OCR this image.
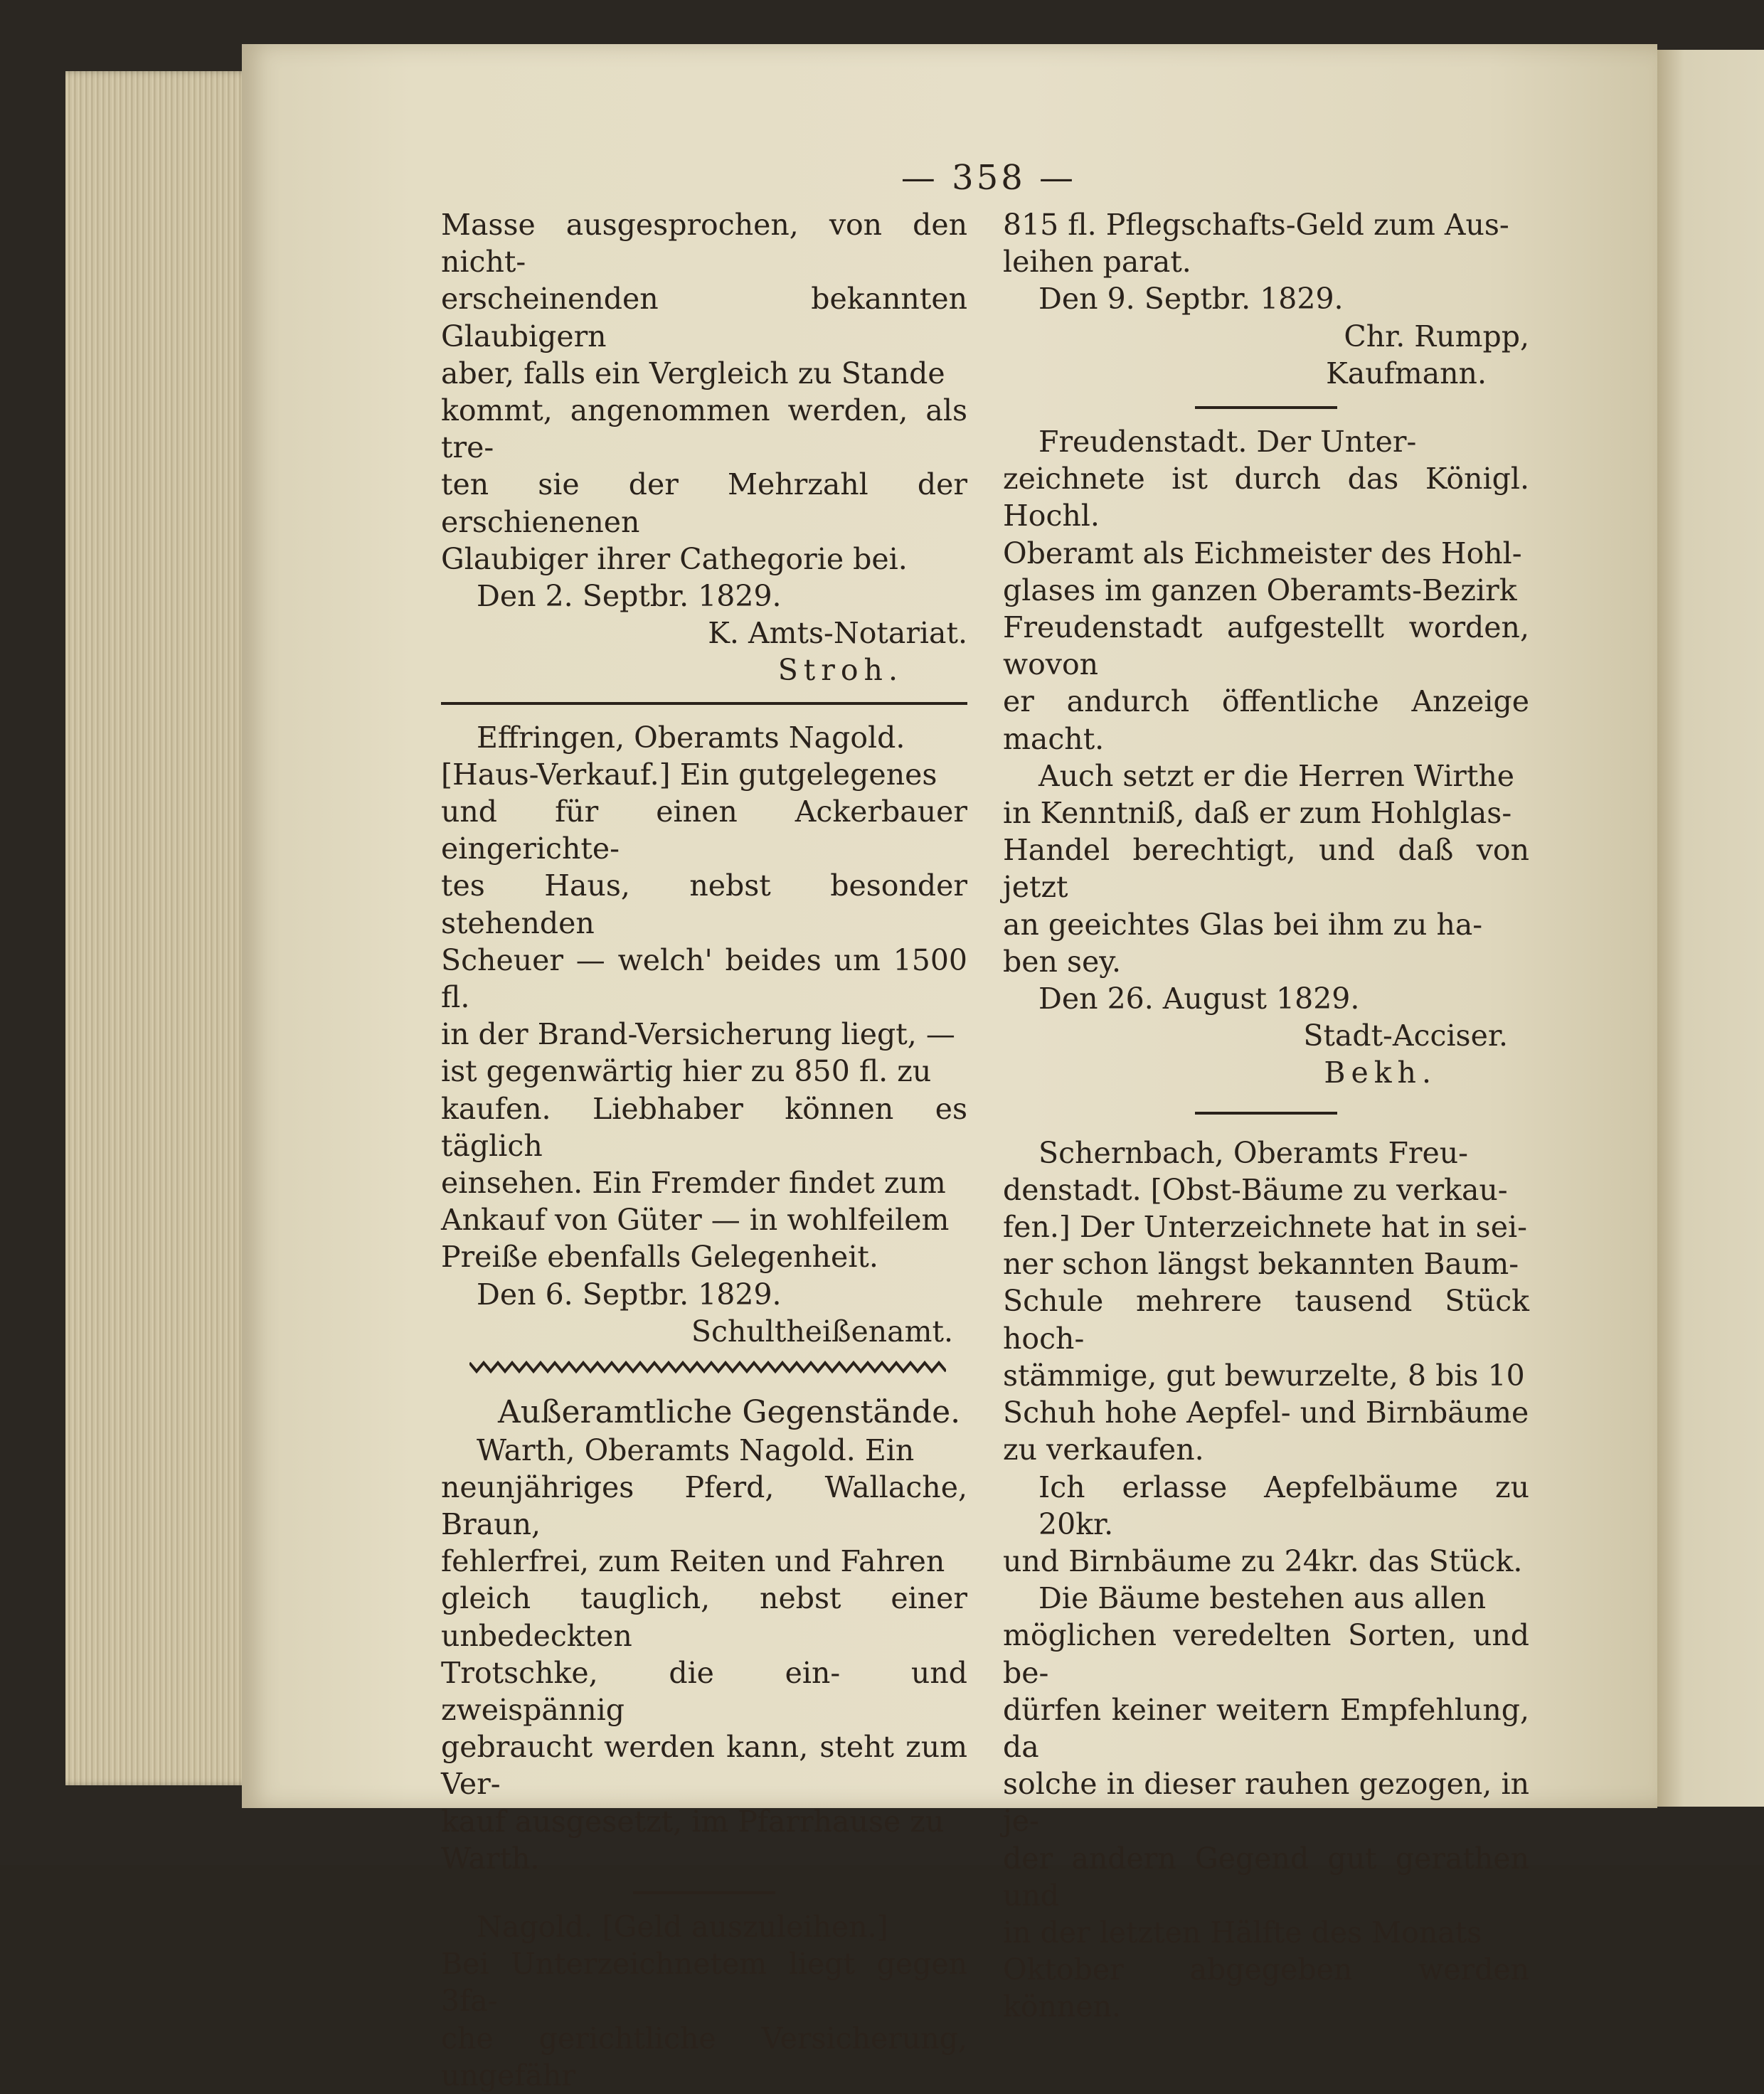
— 358 —

Masse ausgesprochen, von den nicht-

erscheinenden bekannten Glaubigern

aber, falls ein Vergleich zu Stande

kommt, angenommen werden, als tre-

ten sie der Mehrzahl der erschienenen

Glaubiger ihrer Cathegorie bei.

Den 2. Septbr. 1829.

K. Amts-Notariat.

Stroh.

Effringen, Oberamts Nagold.

[Haus-Verkauf.] Ein gutgelegenes

und für einen Ackerbauer eingerichte-

tes Haus, nebst besonder stehenden

Scheuer — welch' beides um 1500 fl.

in der Brand-Versicherung liegt, —

ist gegenwärtig hier zu 850 fl. zu

kaufen. Liebhaber können es täglich

einsehen. Ein Fremder findet zum

Ankauf von Güter — in wohlfeilem

Preiße ebenfalls Gelegenheit.

Den 6. Septbr. 1829.

Schultheißenamt.

Außeramtliche Gegenstände.

Warth, Oberamts Nagold. Ein

neunjähriges Pferd, Wallache, Braun,

fehlerfrei, zum Reiten und Fahren

gleich tauglich, nebst einer unbedeckten

Trotschke, die ein- und zweispännig

gebraucht werden kann, steht zum Ver-

kauf ausgesetzt, im Pfarrhause zu

Warth.

Nagold. [Geld auszuleihen.]

Bei Unterzeichnetem liegt gegen 3fa-

che gerichtliche Versicherung, ungefähr

815 fl. Pflegschafts-Geld zum Aus-

leihen parat.

Den 9. Septbr. 1829.

Chr. Rumpp,

Kaufmann.

Freudenstadt. Der Unter-

zeichnete ist durch das Königl. Hochl.

Oberamt als Eichmeister des Hohl-

glases im ganzen Oberamts-Bezirk

Freudenstadt aufgestellt worden, wovon

er andurch öffentliche Anzeige macht.

Auch setzt er die Herren Wirthe

in Kenntniß, daß er zum Hohlglas-

Handel berechtigt, und daß von jetzt

an geeichtes Glas bei ihm zu ha-

ben sey.

Den 26. August 1829.

Stadt-Acciser.

Bekh.

Schernbach, Oberamts Freu-

denstadt. [Obst-Bäume zu verkau-

fen.] Der Unterzeichnete hat in sei-

ner schon längst bekannten Baum-

Schule mehrere tausend Stück hoch-

stämmige, gut bewurzelte, 8 bis 10

Schuh hohe Aepfel- und Birnbäume

zu verkaufen.

Ich erlasse Aepfelbäume zu 20kr.

und Birnbäume zu 24kr. das Stück.

Die Bäume bestehen aus allen

möglichen veredelten Sorten, und be-

dürfen keiner weitern Empfehlung, da

solche in dieser rauhen gezogen, in je-

der andern Gegend gut gerathen und

in der letzten Hälfte des Monats

Oktober abgegeben werden können.
